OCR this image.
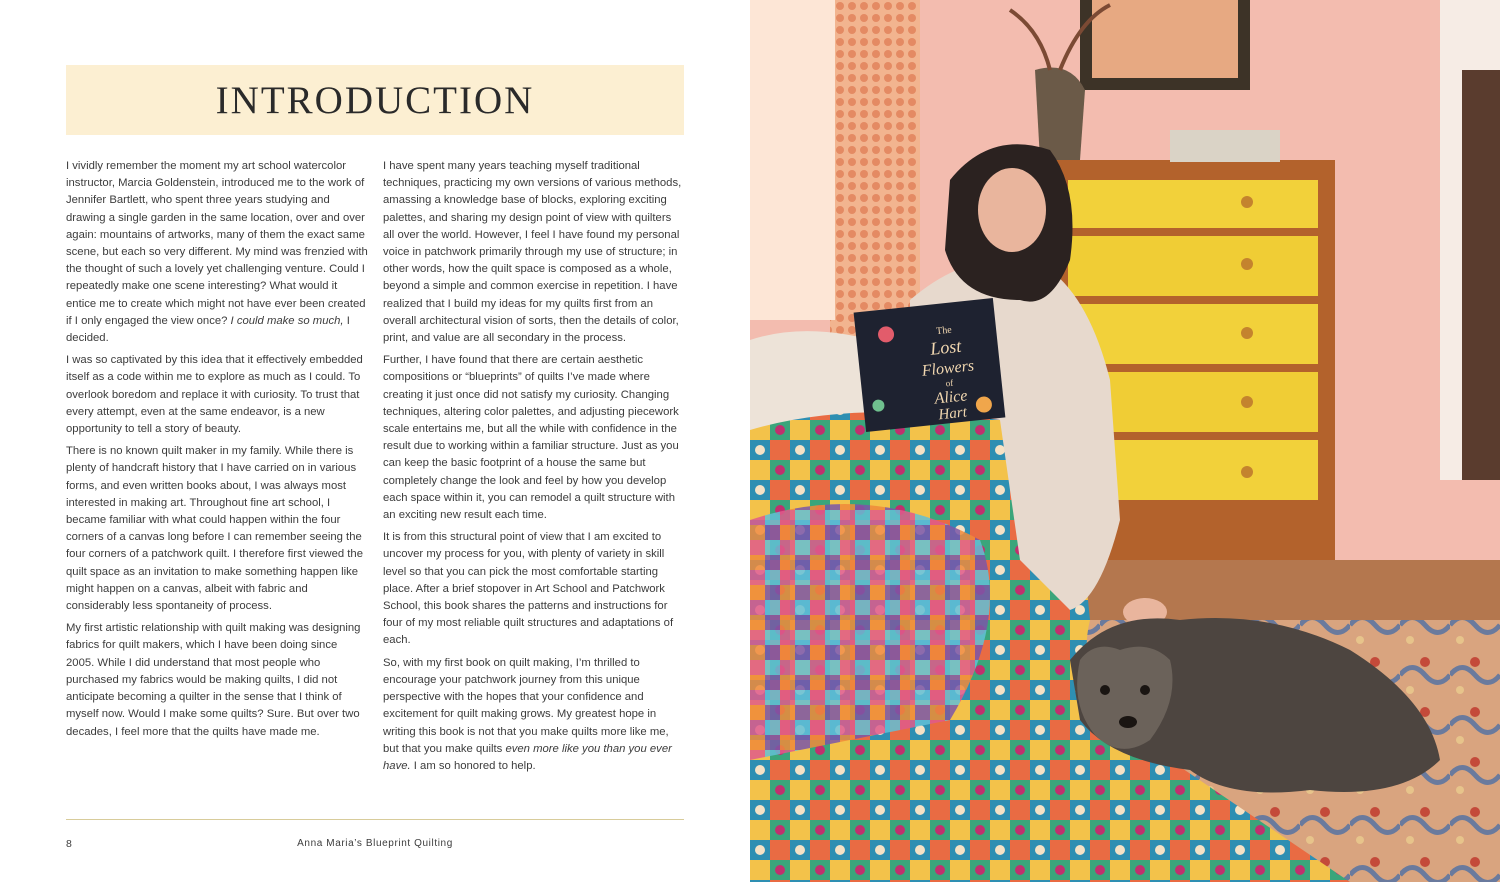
INTRODUCTION

I vividly remember the moment my art school watercolor instructor, Marcia Goldenstein, introduced me to the work of Jennifer Bartlett, who spent three years studying and drawing a single garden in the same location, over and over again: mountains of artworks, many of them the exact same scene, but each so very different. My mind was frenzied with the thought of such a lovely yet challenging venture. Could I repeatedly make one scene interesting? What would it entice me to create which might not have ever been created if I only engaged the view once? I could make so much, I decided.

I was so captivated by this idea that it effectively embedded itself as a code within me to explore as much as I could. To overlook boredom and replace it with curiosity. To trust that every attempt, even at the same endeavor, is a new opportunity to tell a story of beauty.

There is no known quilt maker in my family. While there is plenty of handcraft history that I have carried on in various forms, and even written books about, I was always most interested in making art. Throughout fine art school, I became familiar with what could happen within the four corners of a canvas long before I can remember seeing the four corners of a patchwork quilt. I therefore first viewed the quilt space as an invitation to make something happen like might happen on a canvas, albeit with fabric and considerably less spontaneity of process.

My first artistic relationship with quilt making was designing fabrics for quilt makers, which I have been doing since 2005. While I did understand that most people who purchased my fabrics would be making quilts, I did not anticipate becoming a quilter in the sense that I think of myself now. Would I make some quilts? Sure. But over two decades, I feel more that the quilts have made me.

I have spent many years teaching myself traditional techniques, practicing my own versions of various methods, amassing a knowledge base of blocks, exploring exciting palettes, and sharing my design point of view with quilters all over the world. However, I feel I have found my personal voice in patchwork primarily through my use of structure; in other words, how the quilt space is composed as a whole, beyond a simple and common exercise in repetition. I have realized that I build my ideas for my quilts first from an overall architectural vision of sorts, then the details of color, print, and value are all secondary in the process.

Further, I have found that there are certain aesthetic compositions or “blueprints” of quilts I’ve made where creating it just once did not satisfy my curiosity. Changing techniques, altering color palettes, and adjusting piecework scale entertains me, but all the while with confidence in the result due to working within a familiar structure. Just as you can keep the basic footprint of a house the same but completely change the look and feel by how you develop each space within it, you can remodel a quilt structure with an exciting new result each time.

It is from this structural point of view that I am excited to uncover my process for you, with plenty of variety in skill level so that you can pick the most comfortable starting place. After a brief stopover in Art School and Patchwork School, this book shares the patterns and instructions for four of my most reliable quilt structures and adaptations of each.

So, with my first book on quilt making, I’m thrilled to encourage your patchwork journey from this unique perspective with the hopes that your confidence and excitement for quilt making grows. My greatest hope in writing this book is not that you make quilts more like me, but that you make quilts even more like you than you ever have. I am so honored to help.

8	Anna Maria’s Blueprint Quilting
The
Lost
Flowers
of
Alice
Hart
